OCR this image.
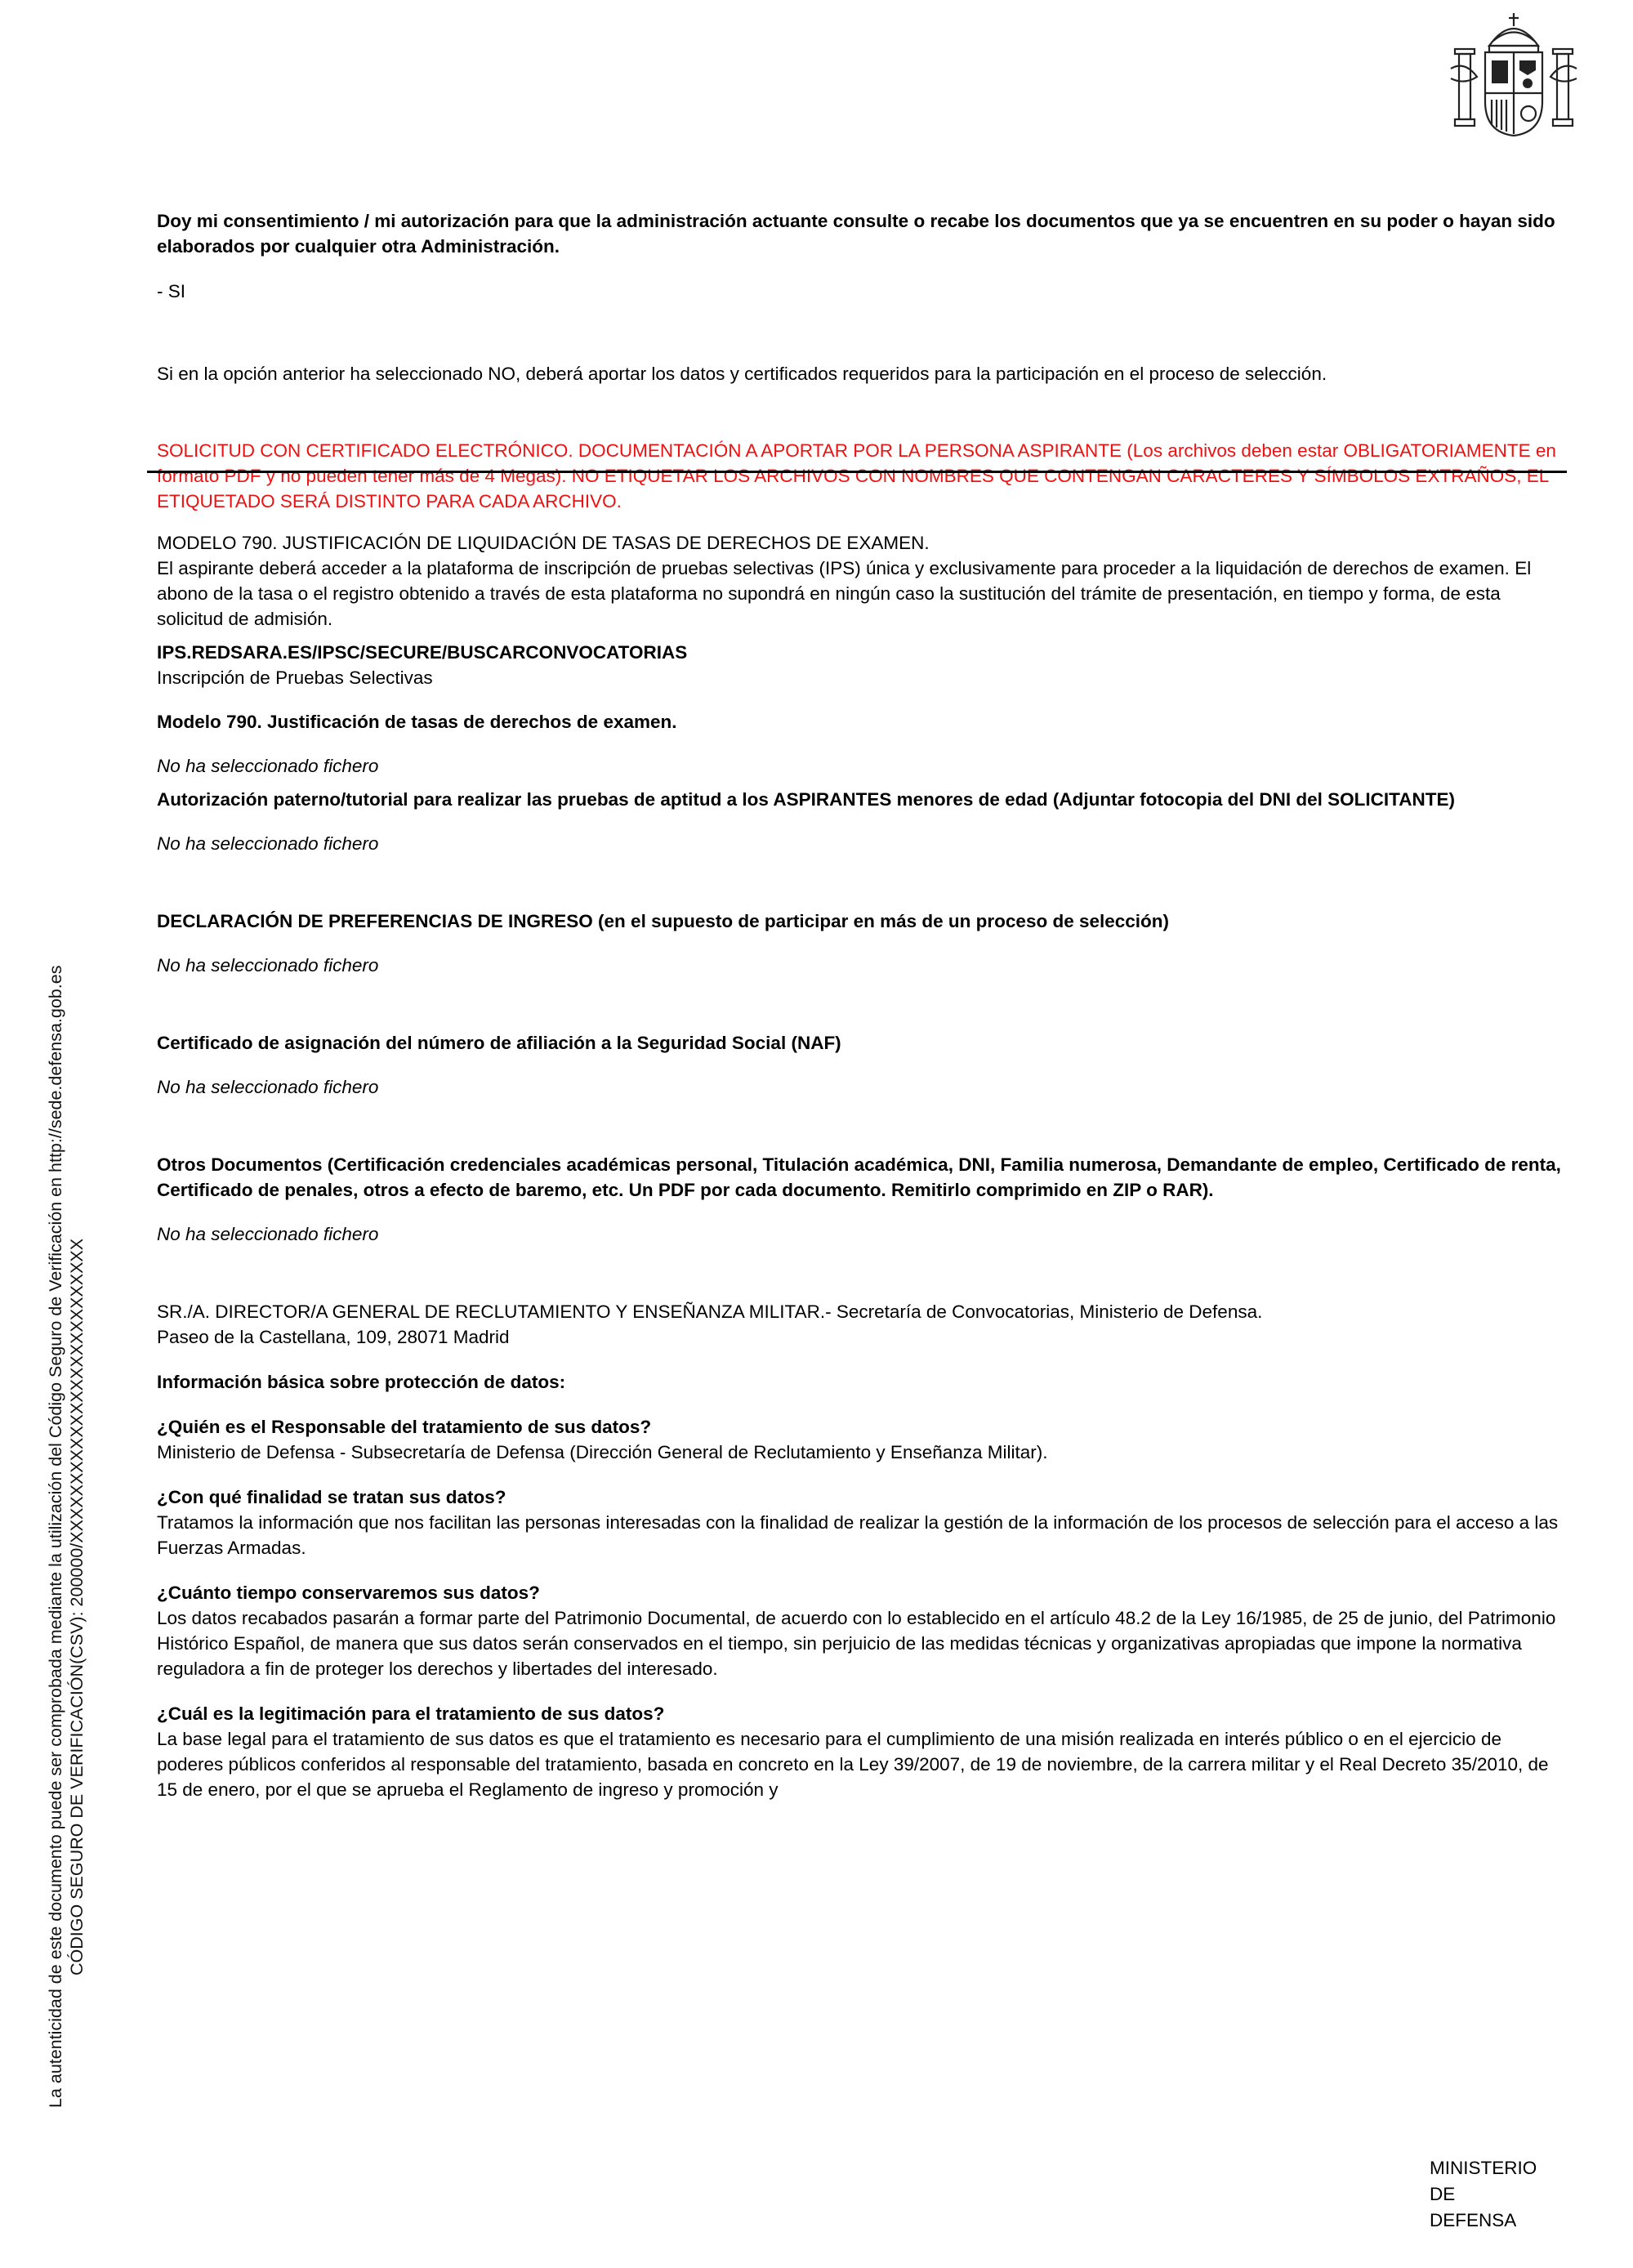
La autenticidad de este documento puede ser comprobada mediante la utilización del Código Seguro de Verificación en http://sede.defensa.gob.es CÓDIGO SEGURO DE VERIFICACIÓN(CSV): 200000/XXXXXXXXXXXXXXXXXXXXXXXXXX

Doy mi consentimiento / mi autorización para que la administración actuante consulte o recabe los documentos que ya se encuentren en su poder o hayan sido elaborados por cualquier otra Administración.

- SI

Si en la opción anterior ha seleccionado NO, deberá aportar los datos y certificados requeridos para la participación en el proceso de selección.

SOLICITUD CON CERTIFICADO ELECTRÓNICO. DOCUMENTACIÓN A APORTAR POR LA PERSONA ASPIRANTE (Los archivos deben estar OBLIGATORIAMENTE en formato PDF y no pueden tener más de 4 Megas). NO ETIQUETAR LOS ARCHIVOS CON NOMBRES QUE CONTENGAN CARACTERES Y SÍMBOLOS EXTRAÑOS, EL ETIQUETADO SERÁ DISTINTO PARA CADA ARCHIVO.

MODELO 790. JUSTIFICACIÓN DE LIQUIDACIÓN DE TASAS DE DERECHOS DE EXAMEN.

El aspirante deberá acceder a la plataforma de inscripción de pruebas selectivas (IPS) única y exclusivamente para proceder a la liquidación de derechos de examen. El abono de la tasa o el registro obtenido a través de esta plataforma no supondrá en ningún caso la sustitución del trámite de presentación, en tiempo y forma, de esta solicitud de admisión.

IPS.REDSARA.ES/IPSC/SECURE/BUSCARCONVOCATORIAS

Inscripción de Pruebas Selectivas

Modelo 790. Justificación de tasas de derechos de examen.

No ha seleccionado fichero

Autorización paterno/tutorial para realizar las pruebas de aptitud a los ASPIRANTES menores de edad (Adjuntar fotocopia del DNI del SOLICITANTE)

No ha seleccionado fichero

DECLARACIÓN DE PREFERENCIAS DE INGRESO (en el supuesto de participar en más de un proceso de selección)

No ha seleccionado fichero

Certificado de asignación del número de afiliación a la Seguridad Social (NAF)

No ha seleccionado fichero

Otros Documentos (Certificación credenciales académicas personal, Titulación académica, DNI, Familia numerosa, Demandante de empleo, Certificado de renta, Certificado de penales, otros a efecto de baremo, etc. Un PDF por cada documento. Remitirlo comprimido en ZIP o RAR).

No ha seleccionado fichero

SR./A. DIRECTOR/A GENERAL DE RECLUTAMIENTO Y ENSEÑANZA MILITAR.- Secretaría de Convocatorias, Ministerio de Defensa.

Paseo de la Castellana, 109, 28071 Madrid

Información básica sobre protección de datos:

¿Quién es el Responsable del tratamiento de sus datos?

Ministerio de Defensa - Subsecretaría de Defensa (Dirección General de Reclutamiento y Enseñanza Militar).

¿Con qué finalidad se tratan sus datos?

Tratamos la información que nos facilitan las personas interesadas con la finalidad de realizar la gestión de la información de los procesos de selección para el acceso a las Fuerzas Armadas.

¿Cuánto tiempo conservaremos sus datos?

Los datos recabados pasarán a formar parte del Patrimonio Documental, de acuerdo con lo establecido en el artículo 48.2 de la Ley 16/1985, de 25 de junio, del Patrimonio Histórico Español, de manera que sus datos serán conservados en el tiempo, sin perjuicio de las medidas técnicas y organizativas apropiadas que impone la normativa reguladora a fin de proteger los derechos y libertades del interesado.

¿Cuál es la legitimación para el tratamiento de sus datos?

La base legal para el tratamiento de sus datos es que el tratamiento es necesario para el cumplimiento de una misión realizada en interés público o en el ejercicio de poderes públicos conferidos al responsable del tratamiento, basada en concreto en la Ley 39/2007, de 19 de noviembre, de la carrera militar y el Real Decreto 35/2010, de 15 de enero, por el que se aprueba el Reglamento de ingreso y promoción y

MINISTERIO
DE
DEFENSA
